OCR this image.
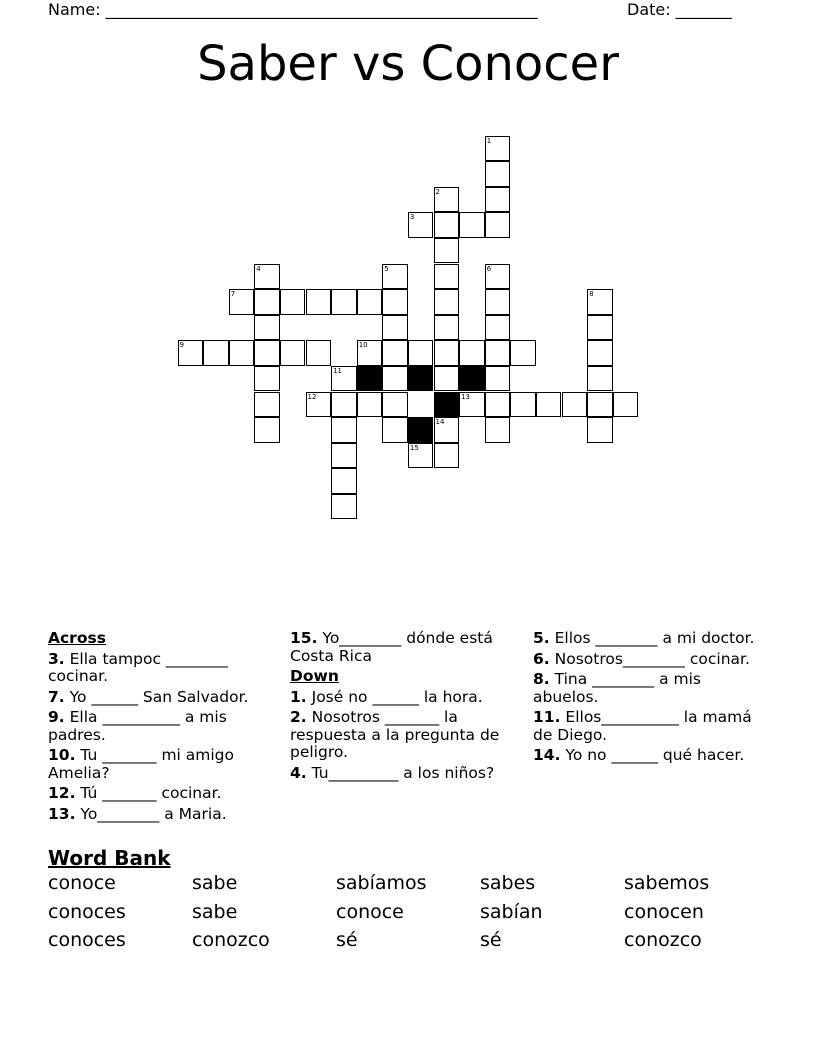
Name: ______________________________________________________	Date: _______
Saber vs Conocer
1
2
3
4	5	6
7	8
9	10
11
12	13
14
15
Across
3. Ella tampoc ________ cocinar.
7. Yo ______ San Salvador.
9. Ella __________ a mis padres.
10. Tu _______ mi amigo Amelia?
12. Tú _______ cocinar.
13. Yo________ a Maria.
15. Yo________ dónde está Costa Rica
Down
1. José no ______ la hora.
2. Nosotros _______ la respuesta a la pregunta de peligro.
4. Tu_________ a los niños?
5. Ellos ________ a mi doctor.
6. Nosotros________ cocinar.
8. Tina ________ a mis abuelos.
11. Ellos__________ la mamá de Diego.
14. Yo no ______ qué hacer.
Word Bank
conoce	sabe	sabíamos	sabes	sabemos
conoces	sabe	conoce	sabían	conocen
conoces	conozco	sé	sé	conozco
